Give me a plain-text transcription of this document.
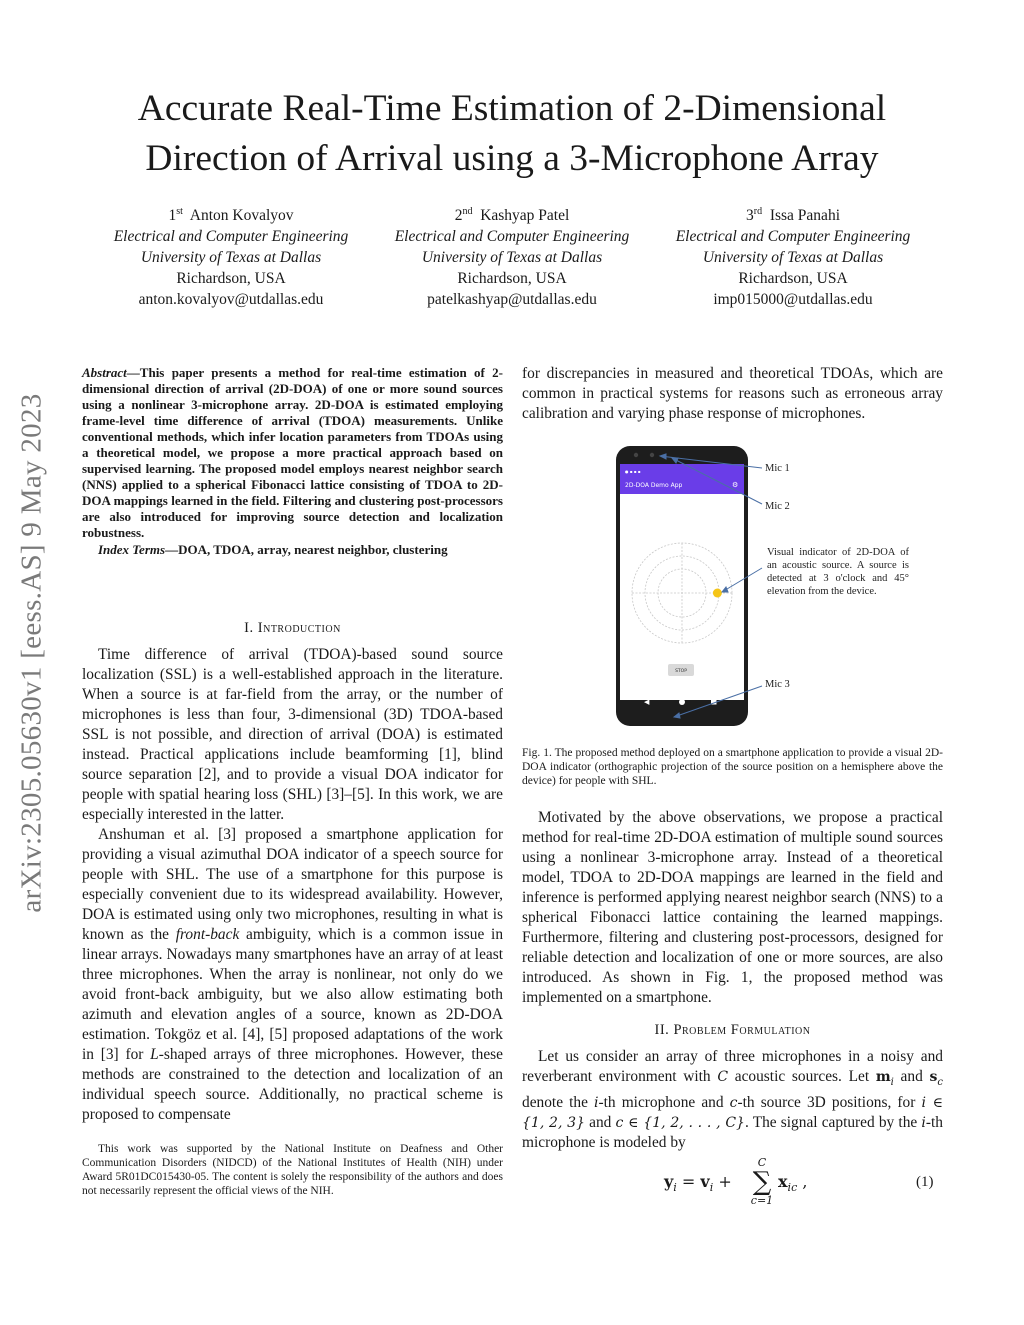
Accurate Real-Time Estimation of 2-Dimensional
Direction of Arrival using a 3-Microphone Array
1st Anton Kovalyov
Electrical and Computer Engineering
University of Texas at Dallas
Richardson, USA
anton.kovalyov@utdallas.edu
2nd Kashyap Patel
Electrical and Computer Engineering
University of Texas at Dallas
Richardson, USA
patelkashyap@utdallas.edu
3rd Issa Panahi
Electrical and Computer Engineering
University of Texas at Dallas
Richardson, USA
imp015000@utdallas.edu
arXiv:2305.05630v1 [eess.AS] 9 May 2023
Abstract—This paper presents a method for real-time estimation of 2-dimensional direction of arrival (2D-DOA) of one or more sound sources using a nonlinear 3-microphone array. 2D-DOA is estimated employing frame-level time difference of arrival (TDOA) measurements. Unlike conventional methods, which infer location parameters from TDOAs using a theoretical model, we propose a more practical approach based on supervised learning. The proposed model employs nearest neighbor search (NNS) applied to a spherical Fibonacci lattice consisting of TDOA to 2D-DOA mappings learned in the field. Filtering and clustering post-processors are also introduced for improving source detection and localization robustness.
Index Terms—DOA, TDOA, array, nearest neighbor, clustering
I. Introduction

Time difference of arrival (TDOA)-based sound source localization (SSL) is a well-established approach in the literature. When a source is at far-field from the array, or the number of microphones is less than four, 3-dimensional (3D) TDOA-based SSL is not possible, and direction of arrival (DOA) is estimated instead. Practical applications include beamforming [1], blind source separation [2], and to provide a visual DOA indicator for people with spatial hearing loss (SHL) [3]–[5]. In this work, we are especially interested in the latter.

Anshuman et al. [3] proposed a smartphone application for providing a visual azimuthal DOA indicator of a speech source for people with SHL. The use of a smartphone for this purpose is especially convenient due to its widespread availability. However, DOA is estimated using only two microphones, resulting in what is known as the front-back ambiguity, which is a common issue in linear arrays. Nowadays many smartphones have an array of at least three microphones. When the array is nonlinear, not only do we avoid front-back ambiguity, but we also allow estimating both azimuth and elevation angles of a source, known as 2D-DOA estimation. Tokgöz et al. [4], [5] proposed adaptations of the work in [3] for L-shaped arrays of three microphones. However, these methods are constrained to the detection and localization of an individual speech source. Additionally, no practical scheme is proposed to compensate

This work was supported by the National Institute on Deafness and Other Communication Disorders (NIDCD) of the National Institutes of Health (NIH) under Award 5R01DC015430-05. The content is solely the responsibility of the authors and does not necessarily represent the official views of the NIH.

for discrepancies in measured and theoretical TDOAs, which are common in practical systems for reasons such as erroneous array calibration and varying phase response of microphones.

● ▪ ▪ ▪
2D-DOA Demo App	⚙
STOP
◀
Mic 1
Mic 2
Visual indicator of 2D-DOA of an acoustic source. A source is detected at 3 o'clock and 45° elevation from the device.
Mic 3

Fig. 1. The proposed method deployed on a smartphone application to provide a visual 2D-DOA indicator (orthographic projection of the source position on a hemisphere above the device) for people with SHL.

Motivated by the above observations, we propose a practical method for real-time 2D-DOA estimation of multiple sound sources using a nonlinear 3-microphone array. Instead of a theoretical model, TDOA to 2D-DOA mappings are learned in the field and inference is performed applying nearest neighbor search (NNS) to a spherical Fibonacci lattice containing the learned mappings. Furthermore, filtering and clustering post-processors, designed for reliable detection and localization of one or more sources, are also introduced. As shown in Fig. 1, the proposed method was implemented on a smartphone.

II. Problem Formulation

Let us consider an array of three microphones in a noisy and reverberant environment with C acoustic sources. Let $m_i$ and $s_c$ denote the i-th microphone and c-th source 3D positions, for i ∈ {1, 2, 3} and c ∈ {1, 2, . . . , C}. The signal captured by the i-th microphone is modeled by

$y_i = v_i$ +
C
∑
c=1
$x_{ic}$ ,	(1)
